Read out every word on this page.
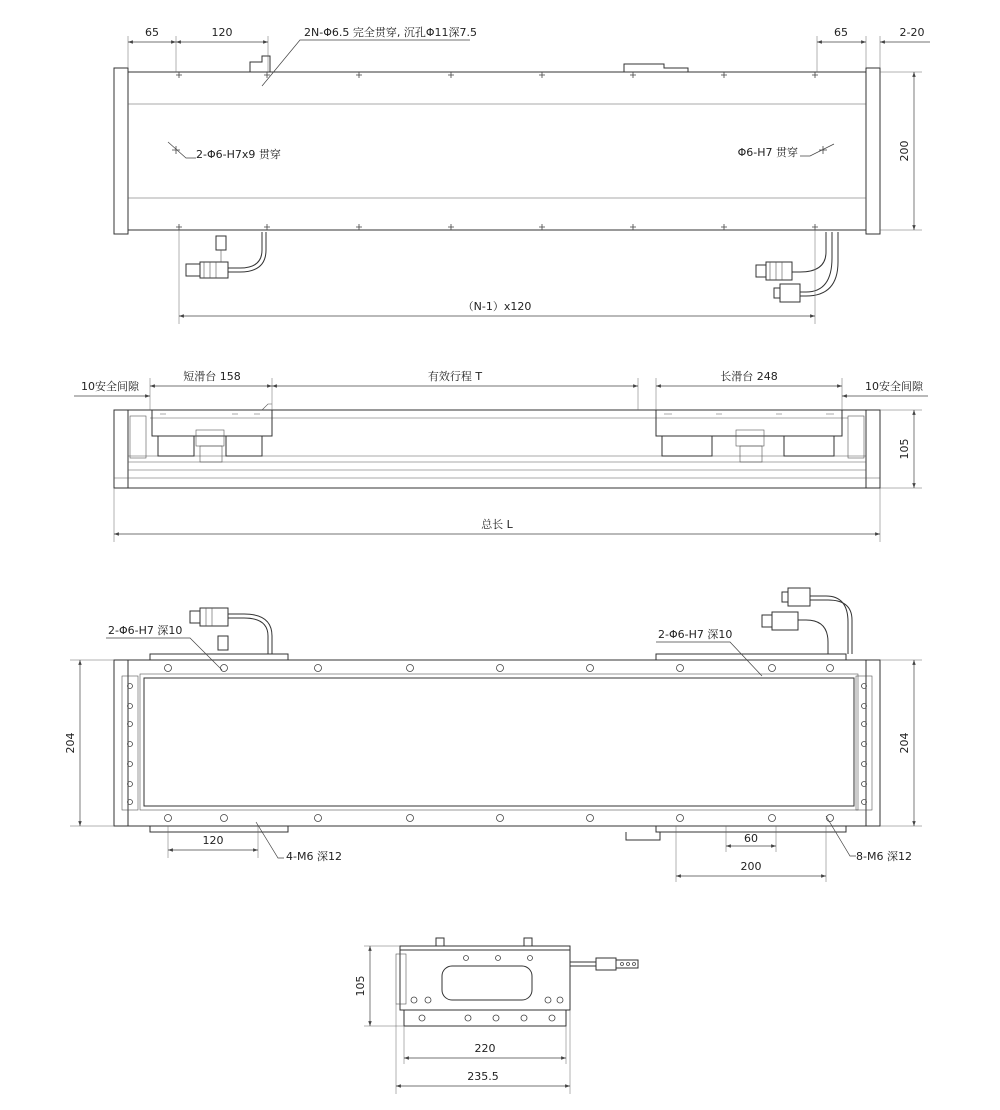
65	120	2N-Φ6.5 完全贯穿, 沉孔Φ11深7.5	65	2-20
2-Φ6-H7x9 贯穿	Φ6-H7 贯穿	200
（N-1）x120
10安全间隙
短滑台 158	有效行程 T	长滑台 248
10安全间隙
105
总长 L
2-Φ6-H7 深10	2-Φ6-H7 深10
204	204
120
4-M6 深12
60
200
8-M6 深12
105
220
235.5
